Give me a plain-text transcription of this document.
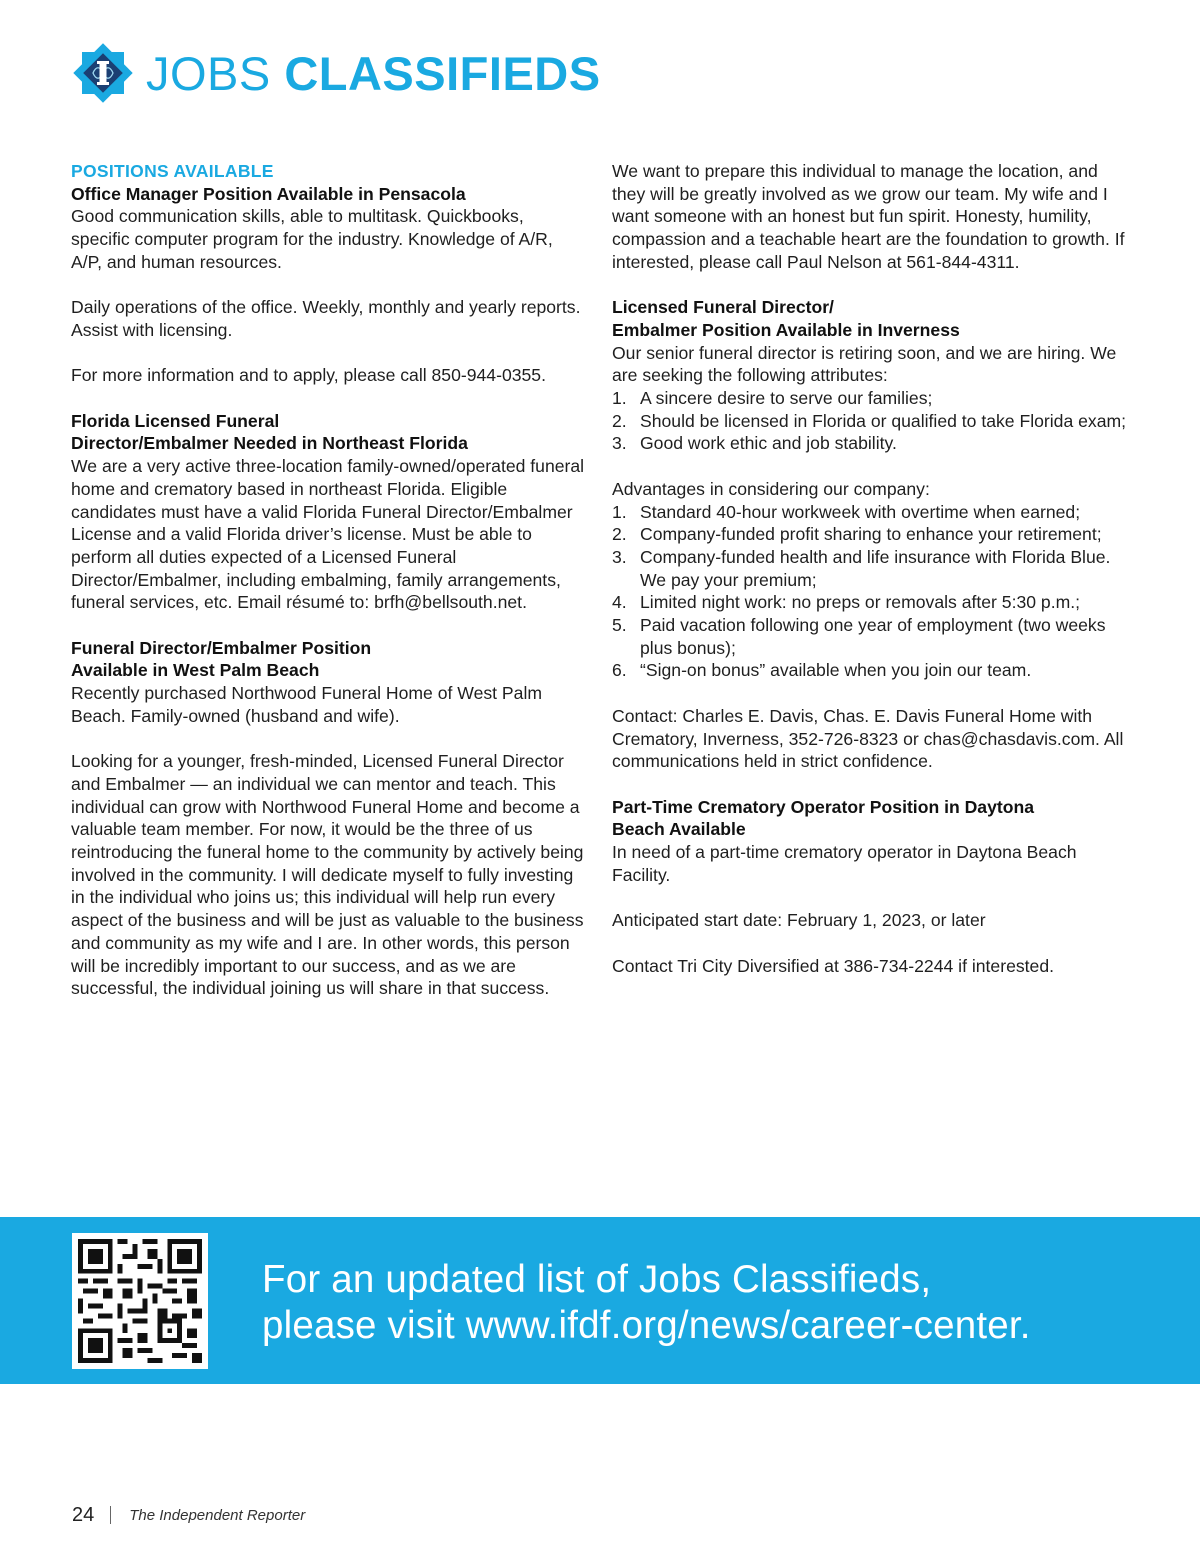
JOBS CLASSIFIEDS
POSITIONS AVAILABLE
Office Manager Position Available in Pensacola
Good communication skills, able to multitask. Quickbooks, specific computer program for the industry. Knowledge of A/R, A/P, and human resources.
Daily operations of the office. Weekly, monthly and yearly reports. Assist with licensing.
For more information and to apply, please call 850-944-0355.
Florida Licensed Funeral
Director/Embalmer Needed in Northeast Florida
We are a very active three-location family-owned/operated funeral home and crematory based in northeast Florida. Eligible candidates must have a valid Florida Funeral Director/Embalmer License and a valid Florida driver’s license. Must be able to perform all duties expected of a Licensed Funeral Director/Embalmer, including embalming, family arrangements, funeral services, etc. Email résumé to: brfh@bellsouth.net.
Funeral Director/Embalmer Position
Available in West Palm Beach
Recently purchased Northwood Funeral Home of West Palm Beach. Family-owned (husband and wife).
Looking for a younger, fresh-minded, Licensed Funeral Director and Embalmer — an individual we can mentor and teach. This individual can grow with Northwood Funeral Home and become a valuable team member. For now, it would be the three of us reintroducing the funeral home to the community by actively being involved in the community. I will dedicate myself to fully investing in the individual who joins us; this individual will help run every aspect of the business and will be just as valuable to the business and community as my wife and I are. In other words, this person will be incredibly important to our success, and as we are successful, the individual joining us will share in that success.
We want to prepare this individual to manage the location, and they will be greatly involved as we grow our team. My wife and I want someone with an honest but fun spirit. Honesty, humility, compassion and a teachable heart are the foundation to growth. If interested, please call Paul Nelson at 561-844-4311.
Licensed Funeral Director/
Embalmer Position Available in Inverness
Our senior funeral director is retiring soon, and we are hiring. We are seeking the following attributes:
1. A sincere desire to serve our families;
2. Should be licensed in Florida or qualified to take Florida exam;
3. Good work ethic and job stability.
Advantages in considering our company:
1. Standard 40-hour workweek with overtime when earned;
2. Company-funded profit sharing to enhance your retirement;
3. Company-funded health and life insurance with Florida Blue. We pay your premium;
4. Limited night work: no preps or removals after 5:30 p.m.;
5. Paid vacation following one year of employment (two weeks plus bonus);
6. “Sign-on bonus” available when you join our team.
Contact: Charles E. Davis, Chas. E. Davis Funeral Home with Crematory, Inverness, 352-726-8323 or chas@chasdavis.com. All communications held in strict confidence.
Part-Time Crematory Operator Position in Daytona
Beach Available
In need of a part-time crematory operator in Daytona Beach Facility.
Anticipated start date: February 1, 2023, or later
Contact Tri City Diversified at 386-734-2244 if interested.
For an updated list of Jobs Classifieds,
please visit www.ifdf.org/news/career-center.
24 The Independent Reporter
